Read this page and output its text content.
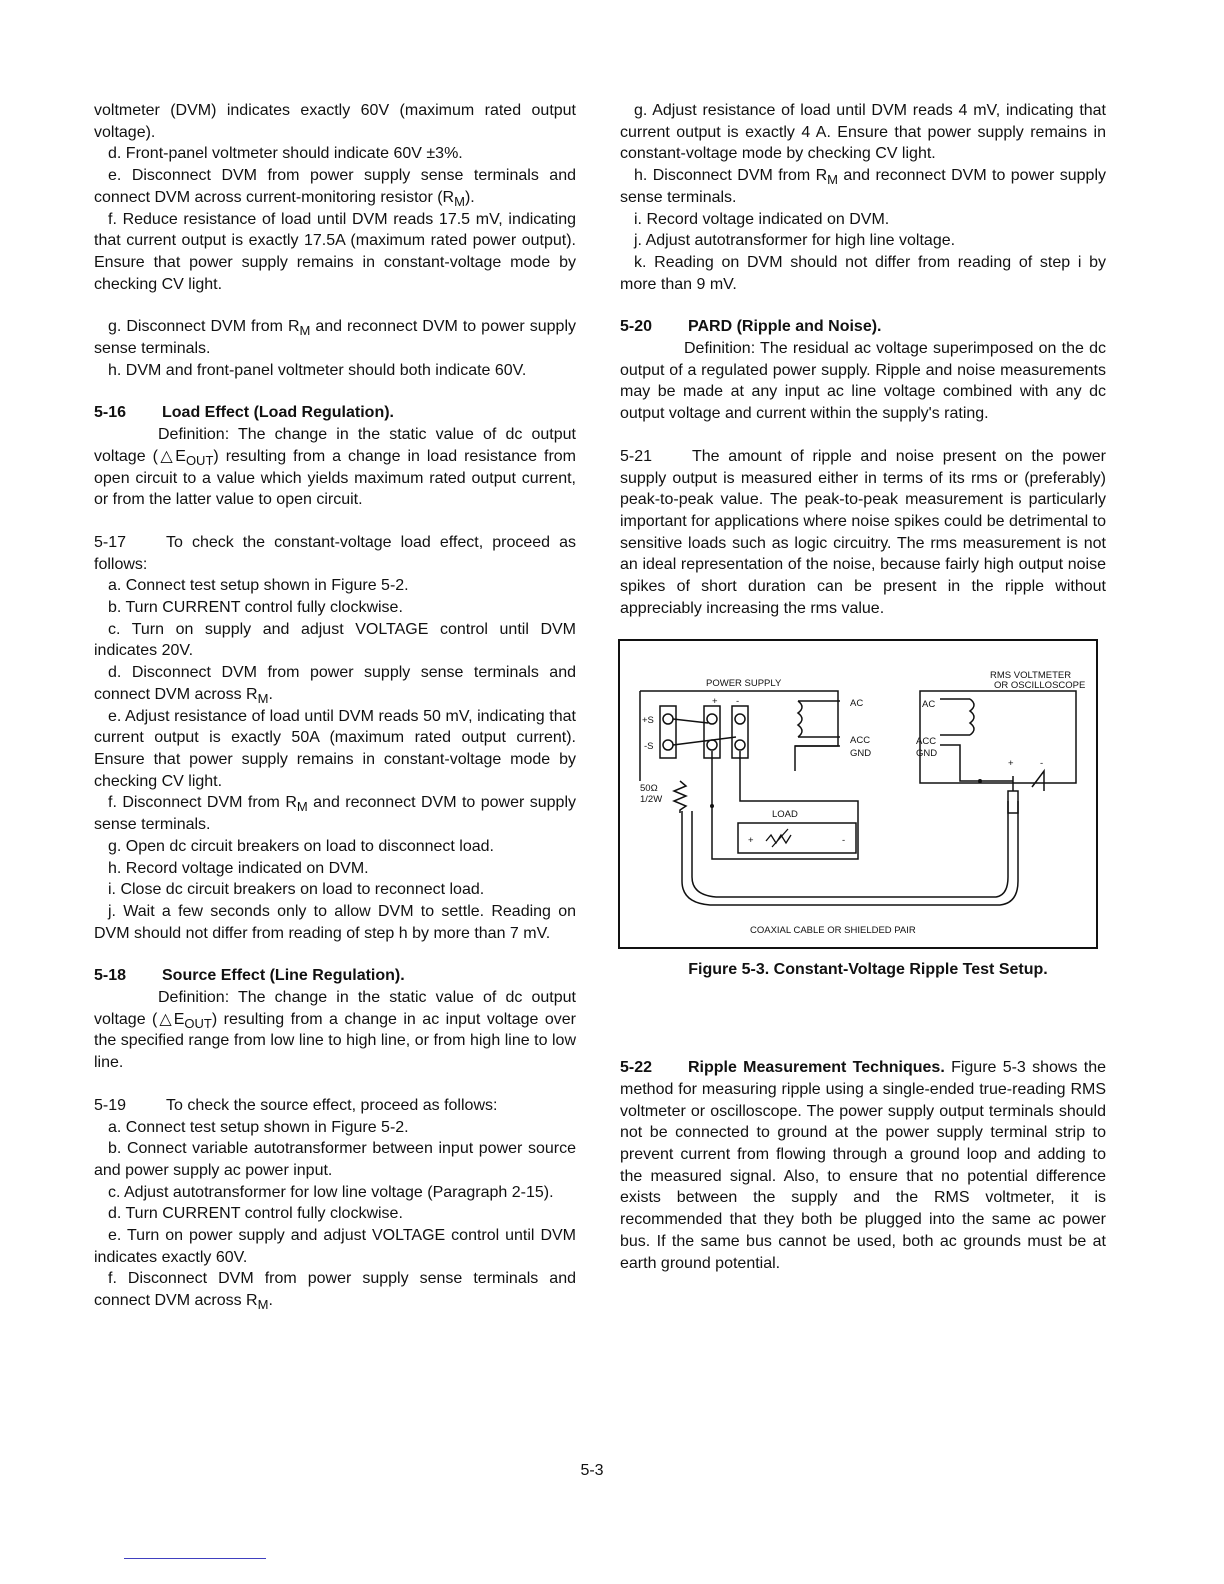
voltmeter (DVM) indicates exactly 60V (maximum rated output voltage).

d. Front-panel voltmeter should indicate 60V ±3%.

e. Disconnect DVM from power supply sense terminals and connect DVM across current-monitoring resistor $(R_M)$.

f. Reduce resistance of load until DVM reads 17.5 mV, indicating that current output is exactly 17.5A (maximum rated power output). Ensure that power supply remains in constant-voltage mode by checking CV light.

g. Disconnect DVM from $R_M$ and reconnect DVM to power supply sense terminals.

h. DVM and front-panel voltmeter should both indicate 60V.

5-16 Load Effect (Load Regulation).

Definition: The change in the static value of dc output voltage $(\triangle E_{OUT})$ resulting from a change in load resistance from open circuit to a value which yields maximum rated output current, or from the latter value to open circuit.

5-17 To check the constant-voltage load effect, proceed as follows:

a. Connect test setup shown in Figure 5-2.

b. Turn CURRENT control fully clockwise.

c. Turn on supply and adjust VOLTAGE control until DVM indicates 20V.

d. Disconnect DVM from power supply sense terminals and connect DVM across $R_M$.

e. Adjust resistance of load until DVM reads 50 mV, indicating that current output is exactly 50A (maximum rated output current). Ensure that power supply remains in constant-voltage mode by checking CV light.

f. Disconnect DVM from $R_M$ and reconnect DVM to power supply sense terminals.

g. Open dc circuit breakers on load to disconnect load.

h. Record voltage indicated on DVM.

i. Close dc circuit breakers on load to reconnect load.

j. Wait a few seconds only to allow DVM to settle. Reading on DVM should not differ from reading of step h by more than 7 mV.

5-18 Source Effect (Line Regulation).

Definition: The change in the static value of dc output voltage $(\triangle E_{OUT})$ resulting from a change in ac input voltage over the specified range from low line to high line, or from high line to low line.

5-19 To check the source effect, proceed as follows:

a. Connect test setup shown in Figure 5-2.

b. Connect variable autotransformer between input power source and power supply ac power input.

c. Adjust autotransformer for low line voltage (Paragraph 2-15).

d. Turn CURRENT control fully clockwise.

e. Turn on power supply and adjust VOLTAGE control until DVM indicates exactly 60V.

f. Disconnect DVM from power supply sense terminals and connect DVM across $R_M$.

g. Adjust resistance of load until DVM reads 4 mV, indicating that current output is exactly 4 A. Ensure that power supply remains in constant-voltage mode by checking CV light.

h. Disconnect DVM from $R_M$ and reconnect DVM to power supply sense terminals.

i. Record voltage indicated on DVM.

j. Adjust autotransformer for high line voltage.

k. Reading on DVM should not differ from reading of step i by more than 9 mV.

5-20 PARD (Ripple and Noise).

Definition: The residual ac voltage superimposed on the dc output of a regulated power supply. Ripple and noise measurements may be made at any input ac line voltage combined with any dc output voltage and current within the supply's rating.

5-21 The amount of ripple and noise present on the power supply output is measured either in terms of its rms or (preferably) peak-to-peak value. The peak-to-peak measurement is particularly important for applications where noise spikes could be detrimental to sensitive loads such as logic circuitry. The rms measurement is not an ideal representation of the noise, because fairly high output noise spikes of short duration can be present in the ripple without appreciably increasing the rms value.

POWER SUPPLY
RMS VOLTMETER
OR OSCILLOSCOPE
AC
ACC
GND
AC
ACC
GND
+ -
+S
-S
+	-
50Ω
1/2W
LOAD
+	-
COAXIAL CABLE OR SHIELDED PAIR

Figure 5-3. Constant-Voltage Ripple Test Setup.

5-22 Ripple Measurement Techniques. Figure 5-3 shows the method for measuring ripple using a single-ended true-reading RMS voltmeter or oscilloscope. The power supply output terminals should not be connected to ground at the power supply terminal strip to prevent current from flowing through a ground loop and adding to the measured signal. Also, to ensure that no potential difference exists between the supply and the RMS voltmeter, it is recommended that they both be plugged into the same ac power bus. If the same bus cannot be used, both ac grounds must be at earth ground potential.

5-3
